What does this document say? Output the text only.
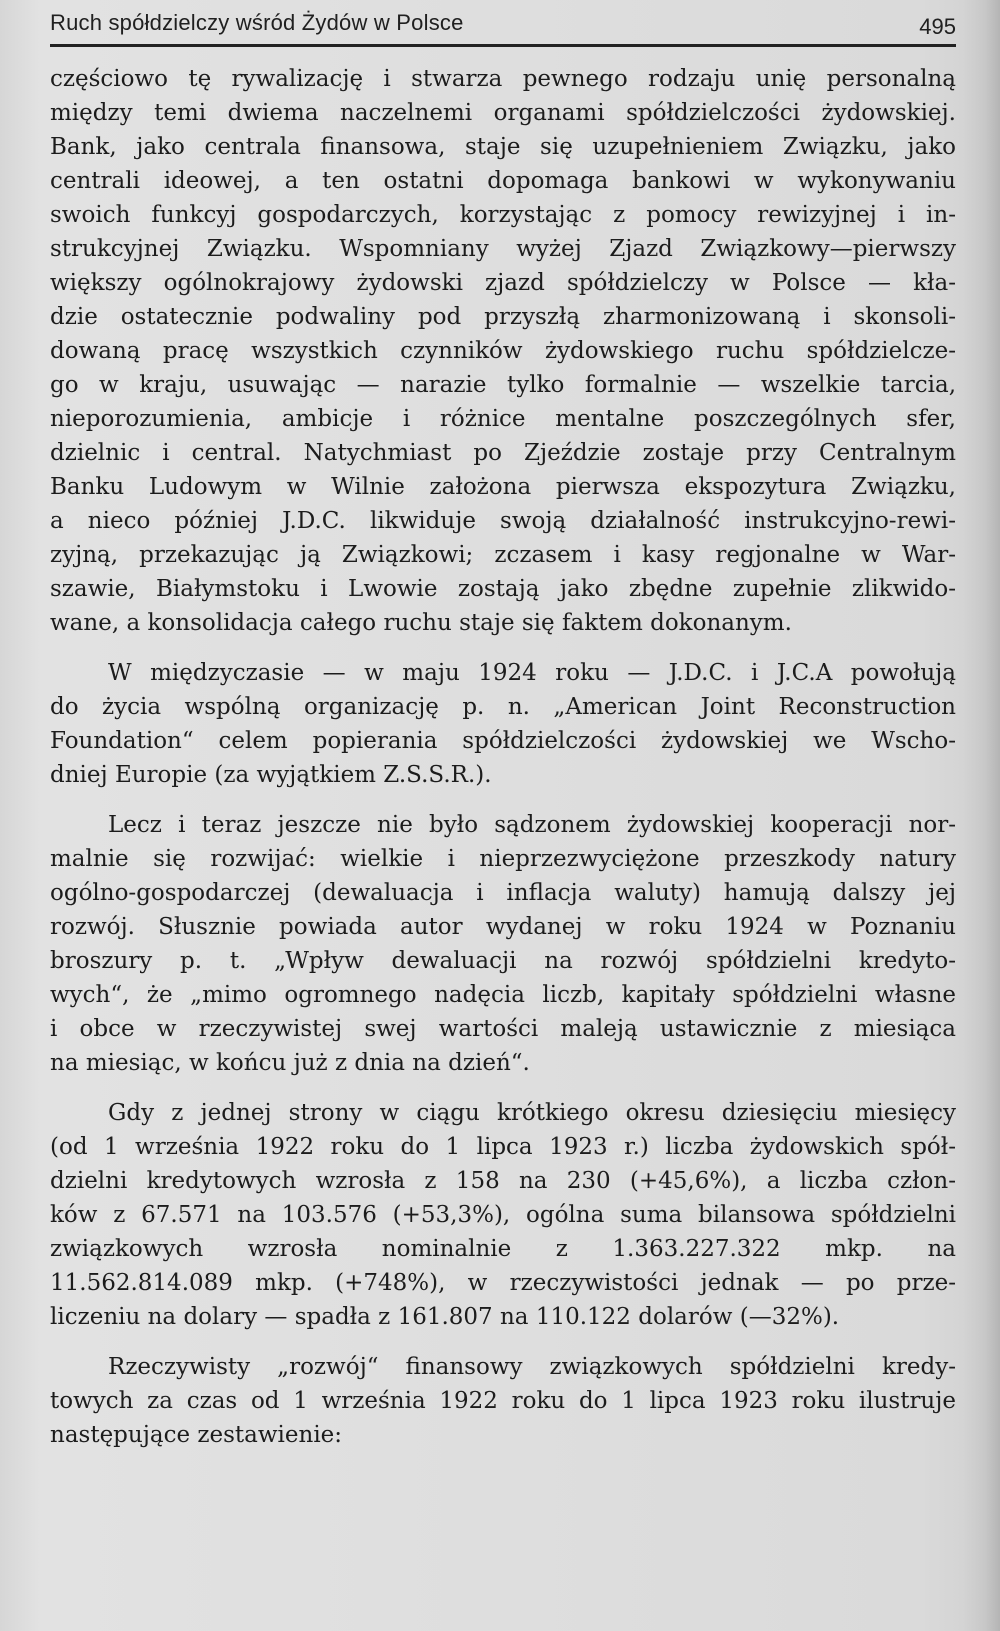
Ruch spółdzielczy wśród Żydów w Polsce	495
częściowo tę rywalizację i stwarza pewnego rodzaju unię personalną
między temi dwiema naczelnemi organami spółdzielczości żydowskiej.
Bank, jako centrala finansowa, staje się uzupełnieniem Związku, jako
centrali ideowej, a ten ostatni dopomaga bankowi w wykonywaniu
swoich funkcyj gospodarczych, korzystając z pomocy rewizyjnej i in-
strukcyjnej Związku. Wspomniany wyżej Zjazd Związkowy—pierwszy
większy ogólnokrajowy żydowski zjazd spółdzielczy w Polsce — kła-
dzie ostatecznie podwaliny pod przyszłą zharmonizowaną i skonsoli-
dowaną pracę wszystkich czynników żydowskiego ruchu spółdzielcze-
go w kraju, usuwając — narazie tylko formalnie — wszelkie tarcia,
nieporozumienia, ambicje i różnice mentalne poszczególnych sfer,
dzielnic i central. Natychmiast po Zjeździe zostaje przy Centralnym
Banku Ludowym w Wilnie założona pierwsza ekspozytura Związku,
a nieco później J.D.C. likwiduje swoją działalność instrukcyjno-rewi-
zyjną, przekazując ją Związkowi; zczasem i kasy regjonalne w War-
szawie, Białymstoku i Lwowie zostają jako zbędne zupełnie zlikwido-
wane, a konsolidacja całego ruchu staje się faktem dokonanym.
W międzyczasie — w maju 1924 roku — J.D.C. i J.C.A powołują
do życia wspólną organizację p. n. „American Joint Reconstruction
Foundation“ celem popierania spółdzielczości żydowskiej we Wscho-
dniej Europie (za wyjątkiem Z.S.S.R.).
Lecz i teraz jeszcze nie było sądzonem żydowskiej kooperacji nor-
malnie się rozwijać: wielkie i nieprzezwyciężone przeszkody natury
ogólno-gospodarczej (dewaluacja i inflacja waluty) hamują dalszy jej
rozwój. Słusznie powiada autor wydanej w roku 1924 w Poznaniu
broszury p. t. „Wpływ dewaluacji na rozwój spółdzielni kredyto-
wych“, że „mimo ogromnego nadęcia liczb, kapitały spółdzielni własne
i obce w rzeczywistej swej wartości maleją ustawicznie z miesiąca
na miesiąc, w końcu już z dnia na dzień“.
Gdy z jednej strony w ciągu krótkiego okresu dziesięciu miesięcy
(od 1 września 1922 roku do 1 lipca 1923 r.) liczba żydowskich spół-
dzielni kredytowych wzrosła z 158 na 230 (+45,6%), a liczba człon-
ków z 67.571 na 103.576 (+53,3%), ogólna suma bilansowa spółdzielni
związkowych wzrosła nominalnie z 1.363.227.322 mkp. na
11.562.814.089 mkp. (+748%), w rzeczywistości jednak — po prze-
liczeniu na dolary — spadła z 161.807 na 110.122 dolarów (—32%).
Rzeczywisty „rozwój“ finansowy związkowych spółdzielni kredy-
towych za czas od 1 września 1922 roku do 1 lipca 1923 roku ilustruje
następujące zestawienie:
